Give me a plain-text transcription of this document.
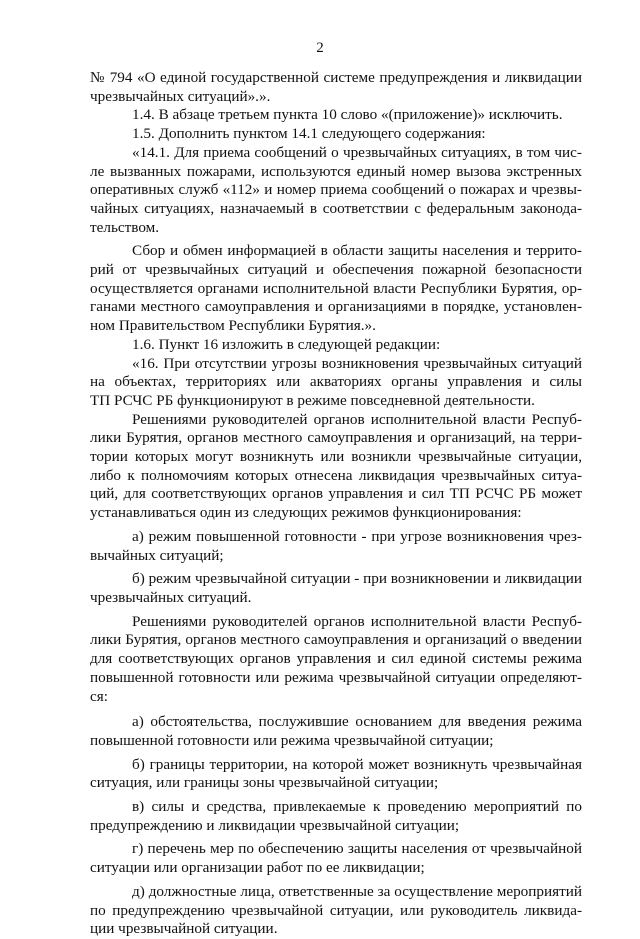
2
№ 794 «О единой государственной системе предупреждения и ликвидации
чрезвычайных ситуаций».».
1.4. В абзаце третьем пункта 10 слово «(приложение)» исключить.
1.5. Дополнить пунктом 14.1 следующего содержания:
«14.1. Для приема сообщений о чрезвычайных ситуациях, в том чис-
ле вызванных пожарами, используются единый номер вызова экстренных
оперативных служб «112» и номер приема сообщений о пожарах и чрезвы-
чайных ситуациях, назначаемый в соответствии с федеральным законода-
тельством.
Сбор и обмен информацией в области защиты населения и террито-
рий от чрезвычайных ситуаций и обеспечения пожарной безопасности
осуществляется органами исполнительной власти Республики Бурятия, ор-
ганами местного самоуправления и организациями в порядке, установлен-
ном Правительством Республики Бурятия.».
1.6. Пункт 16 изложить в следующей редакции:
«16. При отсутствии угрозы возникновения чрезвычайных ситуаций
на объектах, территориях или акваториях органы управления и силы
ТП РСЧС РБ функционируют в режиме повседневной деятельности.
Решениями руководителей органов исполнительной власти Респуб-
лики Бурятия, органов местного самоуправления и организаций, на терри-
тории которых могут возникнуть или возникли чрезвычайные ситуации,
либо к полномочиям которых отнесена ликвидация чрезвычайных ситуа-
ций, для соответствующих органов управления и сил ТП РСЧС РБ может
устанавливаться один из следующих режимов функционирования:
а) режим повышенной готовности - при угрозе возникновения чрез-
вычайных ситуаций;
б) режим чрезвычайной ситуации - при возникновении и ликвидации
чрезвычайных ситуаций.
Решениями руководителей органов исполнительной власти Респуб-
лики Бурятия, органов местного самоуправления и организаций о введении
для соответствующих органов управления и сил единой системы режима
повышенной готовности или режима чрезвычайной ситуации определяют-
ся:
а) обстоятельства, послужившие основанием для введения режима
повышенной готовности или режима чрезвычайной ситуации;
б) границы территории, на которой может возникнуть чрезвычайная
ситуация, или границы зоны чрезвычайной ситуации;
в) силы и средства, привлекаемые к проведению мероприятий по
предупреждению и ликвидации чрезвычайной ситуации;
г) перечень мер по обеспечению защиты населения от чрезвычайной
ситуации или организации работ по ее ликвидации;
д) должностные лица, ответственные за осуществление мероприятий
по предупреждению чрезвычайной ситуации, или руководитель ликвида-
ции чрезвычайной ситуации.
